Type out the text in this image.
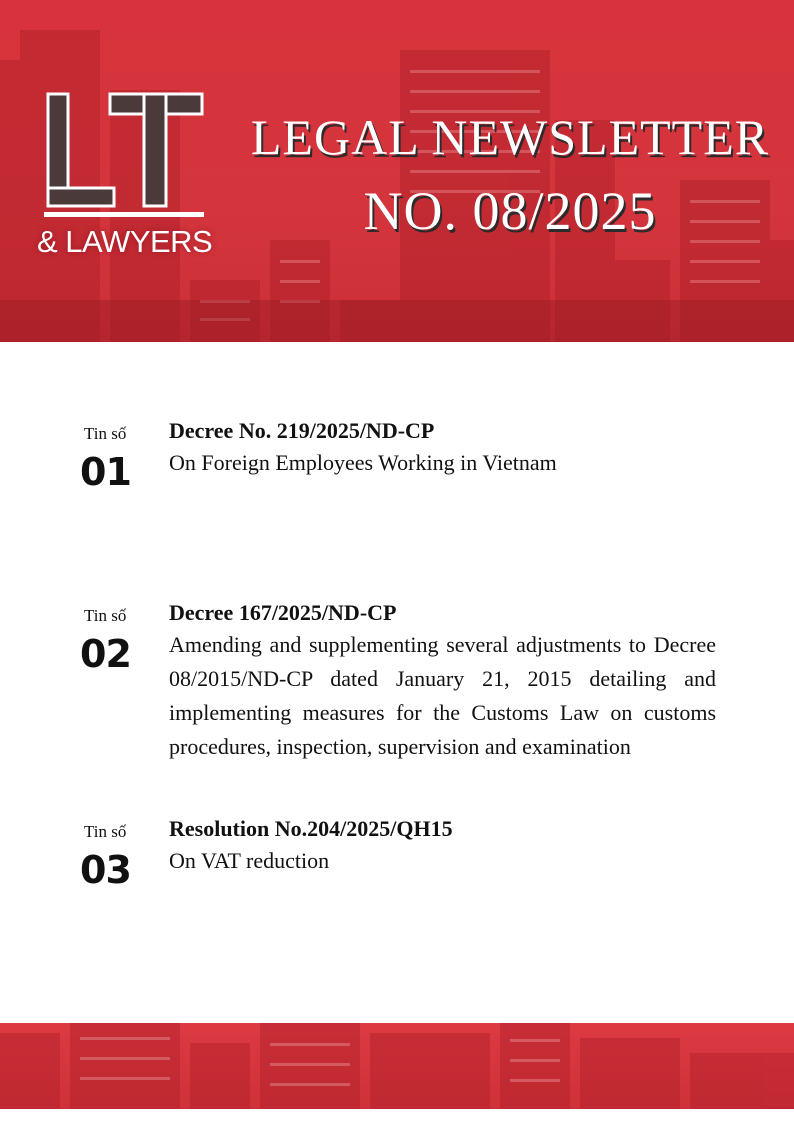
& LAWYERS
LEGAL NEWSLETTER
NO. 08/2025
Tin số
01
Decree No. 219/2025/ND-CP
On Foreign Employees Working in Vietnam
Tin số
02
Decree 167/2025/ND-CP
Amending and supplementing several adjustments to Decree 08/2015/ND-CP dated January 21, 2015 detailing and implementing measures for the Customs Law on customs procedures, inspection, supervision and examination
Tin số
03
Resolution No.204/2025/QH15
On VAT reduction
